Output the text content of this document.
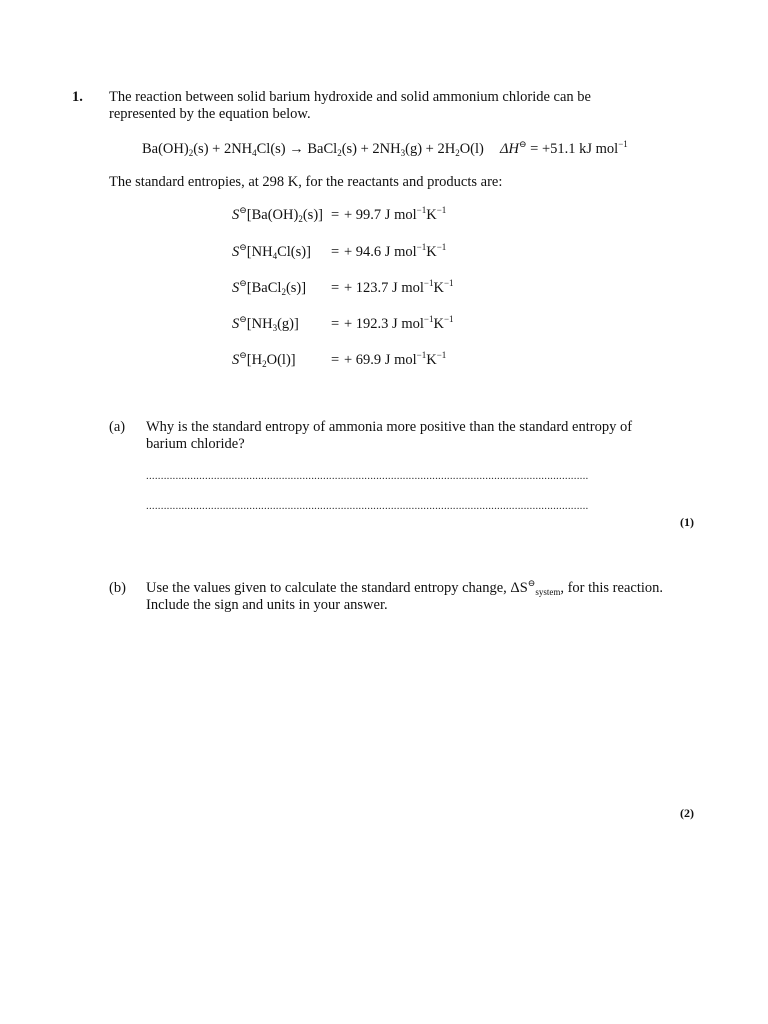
1. The reaction between solid barium hydroxide and solid ammonium chloride can be
represented by the equation below.
$Ba(OH)_2(s) + 2NH_4Cl(s)$ → BaCl$_2$(s) + $2NH_3(g) + 2H_2O(l) \Delta H^⊖ = +51.1$ kJ mol$^{-1}$
The standard entropies, at 298 K, for the reactants and products are:
$S^⊖[Ba(OH)_2(s)]$ = + 99.7 J $mol^{-1}K^{-1}$
$S^⊖[NH_4Cl(s)]$ = + 94.6 J $mol^{-1}K^{-1}$
S⊖[BaCl$_2$(s)] = + 123.7 J $mol^{-1}K^{-1}$
$S^⊖[NH_3(g)]$ = + 192.3 J $mol^{-1}K^{-1}$
$S^⊖[H_2O(l)]$ = + 69.9 J $mol^{-1}K^{-1}$
(a) Why is the standard entropy of ammonia more positive than the standard entropy of
barium chloride?
......................................................................................................................................................
......................................................................................................................................................
(1)
(b) Use the values given to calculate the standard entropy change, $\Delta S^⊖_{system}$, for this reaction.
Include the sign and units in your answer.
(2)
